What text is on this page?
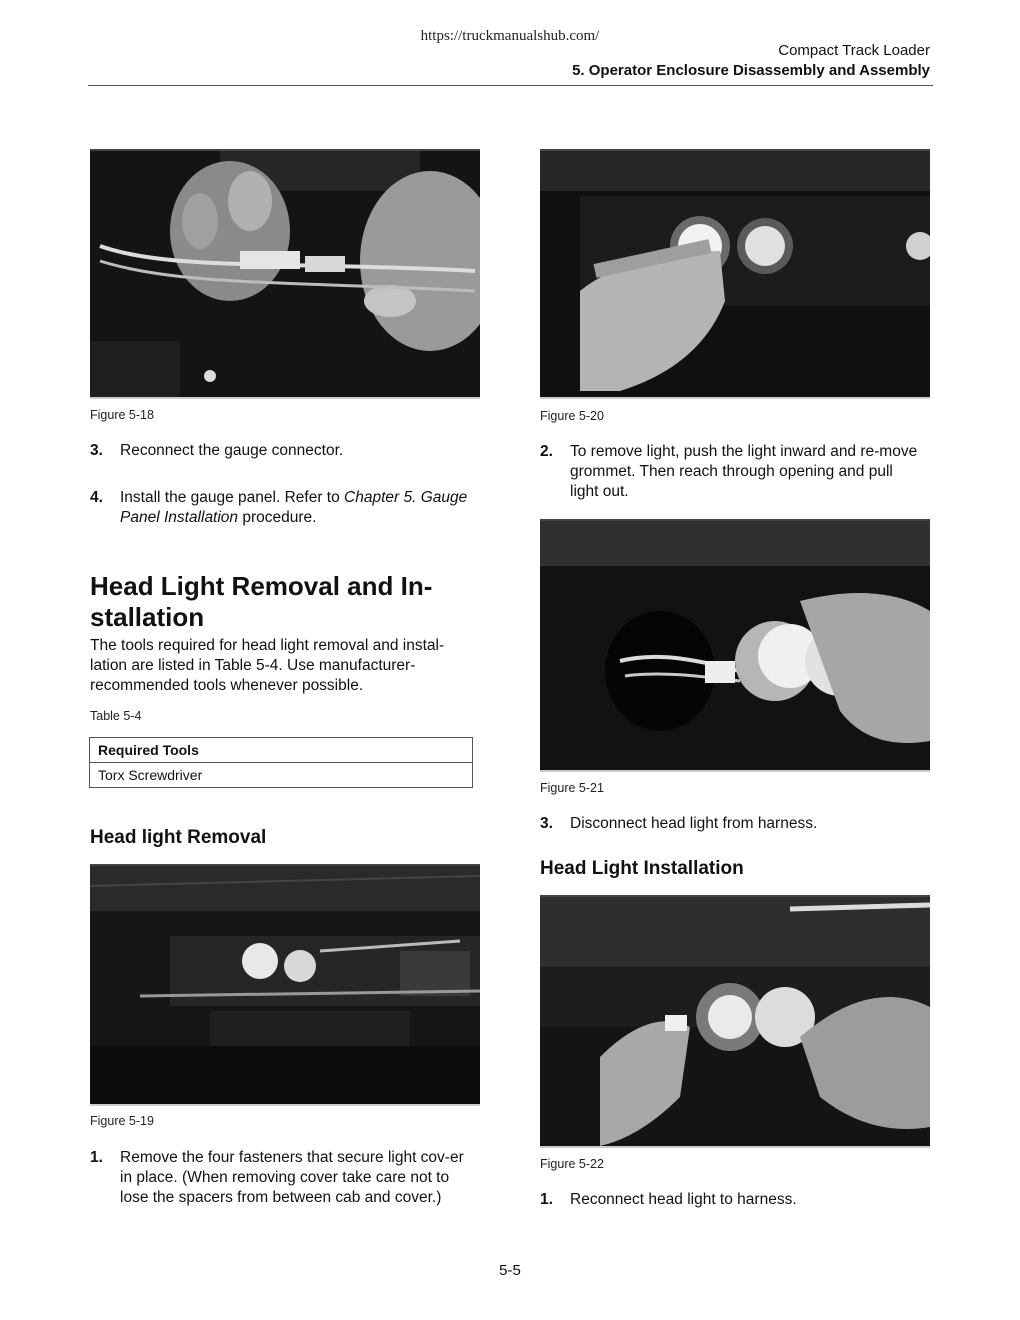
https://truckmanualshub.com/
Compact Track Loader
5. Operator Enclosure Disassembly and Assembly
Figure 5-18
3. Reconnect the gauge connector.
4. Install the gauge panel. Refer to Chapter 5. Gauge Panel Installation procedure.
Head Light Removal and In-stallation
The tools required for head light removal and instal-lation are listed in Table 5-4. Use manufacturer-recommended tools whenever possible.
Table 5-4
Required Tools
Torx Screwdriver
Head light Removal
Figure 5-19
1. Remove the four fasteners that secure light cov-er in place. (When removing cover take care not to lose the spacers from between cab and cover.)
Figure 5-20
2. To remove light, push the light inward and re-move grommet. Then reach through opening and pull light out.
Figure 5-21
3. Disconnect head light from harness.
Head Light Installation
Figure 5-22
1. Reconnect head light to harness.
5-5
